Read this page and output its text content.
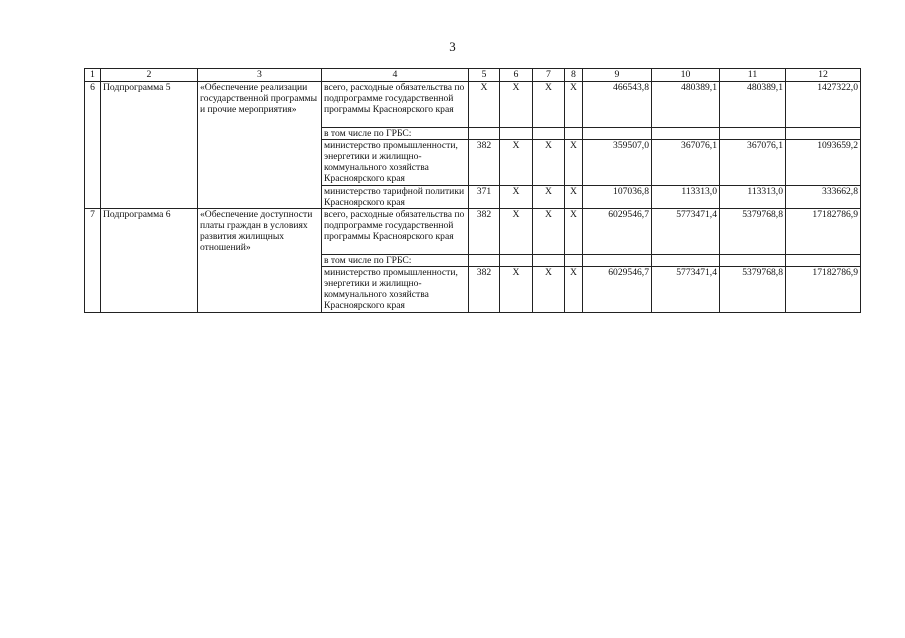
3
1	2	3	4	5	6	7	8	9	10	11	12
6	Подпрограмма 5	«Обеспечение реализации государственной программы и прочие мероприятия»	всего, расходные обязательства по подпрограмме государственной программы Красноярского края	X	X	X	X	466543,8	480389,1	480389,1	1427322,0
			в том числе по ГРБС:								
			министерство промышленности, энергетики и жилищно-коммунального хозяйства Красноярского края	382	X	X	X	359507,0	367076,1	367076,1	1093659,2
			министерство тарифной политики Красноярского края	371	X	X	X	107036,8	113313,0	113313,0	333662,8
7	Подпрограмма 6	«Обеспечение доступности платы граждан в условиях развития жилищных отношений»	всего, расходные обязательства по подпрограмме государственной программы Красноярского края	382	X	X	X	6029546,7	5773471,4	5379768,8	17182786,9
			в том числе по ГРБС:								
			министерство промышленности, энергетики и жилищно-коммунального хозяйства Красноярского края	382	X	X	X	6029546,7	5773471,4	5379768,8	17182786,9
